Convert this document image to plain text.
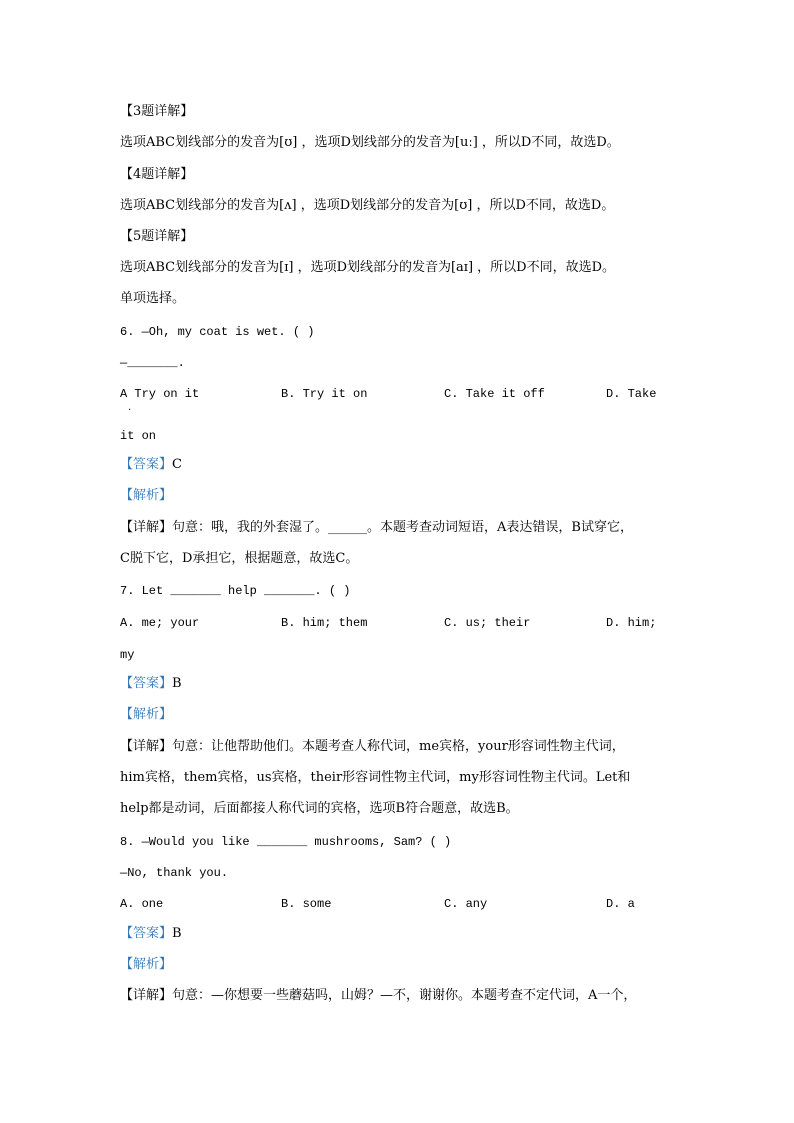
【3题详解】
选项ABC划线部分的发音为[ʊ] ，选项D划线部分的发音为[uː] ，所以D不同，故选D。
【4题详解】
选项ABC划线部分的发音为[ʌ] ，选项D划线部分的发音为[ʊ] ，所以D不同，故选D。
【5题详解】
选项ABC划线部分的发音为[ɪ] ，选项D划线部分的发音为[aɪ] ，所以D不同，故选D。
单项选择。
6. —Oh, my coat is wet. ( )
—_______.
A Try on it	B. Try it on	C. Take it off	D. Take
.
it on
【答案】C
【解析】
【详解】句意：哦，我的外套湿了。______。本题考查动词短语，A表达错误，B试穿它，
C脱下它，D承担它，根据题意，故选C。
7. Let _______ help _______. ( )
A. me; your	B. him; them	C. us; their	D. him;
my
【答案】B
【解析】
【详解】句意：让他帮助他们。本题考查人称代词，me宾格，your形容词性物主代词，
him宾格，them宾格，us宾格，their形容词性物主代词，my形容词性物主代词。Let和
help都是动词，后面都接人称代词的宾格，选项B符合题意，故选B。
8. —Would you like _______ mushrooms, Sam? ( )
—No, thank you.
A. one	B. some	C. any	D. a
【答案】B
【解析】
【详解】句意：—你想要一些蘑菇吗，山姆？—不，谢谢你。本题考查不定代词，A一个，
